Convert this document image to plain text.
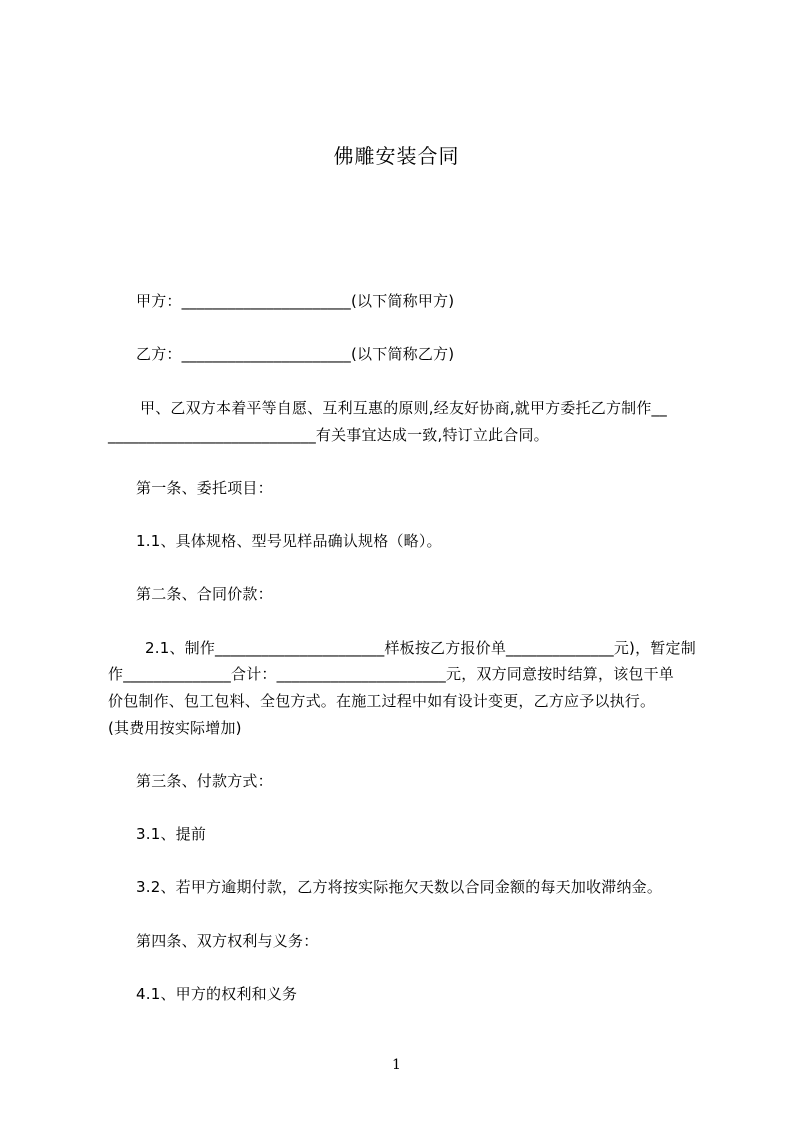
佛雕安装合同
甲方：______________________(以下简称甲方)
乙方：______________________(以下简称乙方)
甲、乙双方本着平等自愿、互利互惠的原则,经友好协商,就甲方委托乙方制作__
___________________________有关事宜达成一致,特订立此合同。
第一条、委托项目：
1.1、具体规格、型号见样品确认规格（略）。
第二条、合同价款：
2.1、制作______________________样板按乙方报价单______________元)，暂定制
作______________合计：______________________元，双方同意按时结算，该包干单
价包制作、包工包料、全包方式。在施工过程中如有设计变更，乙方应予以执行。
(其费用按实际增加)
第三条、付款方式：
3.1、提前
3.2、若甲方逾期付款，乙方将按实际拖欠天数以合同金额的每天加收滞纳金。
第四条、双方权利与义务：
4.1、甲方的权利和义务
1
